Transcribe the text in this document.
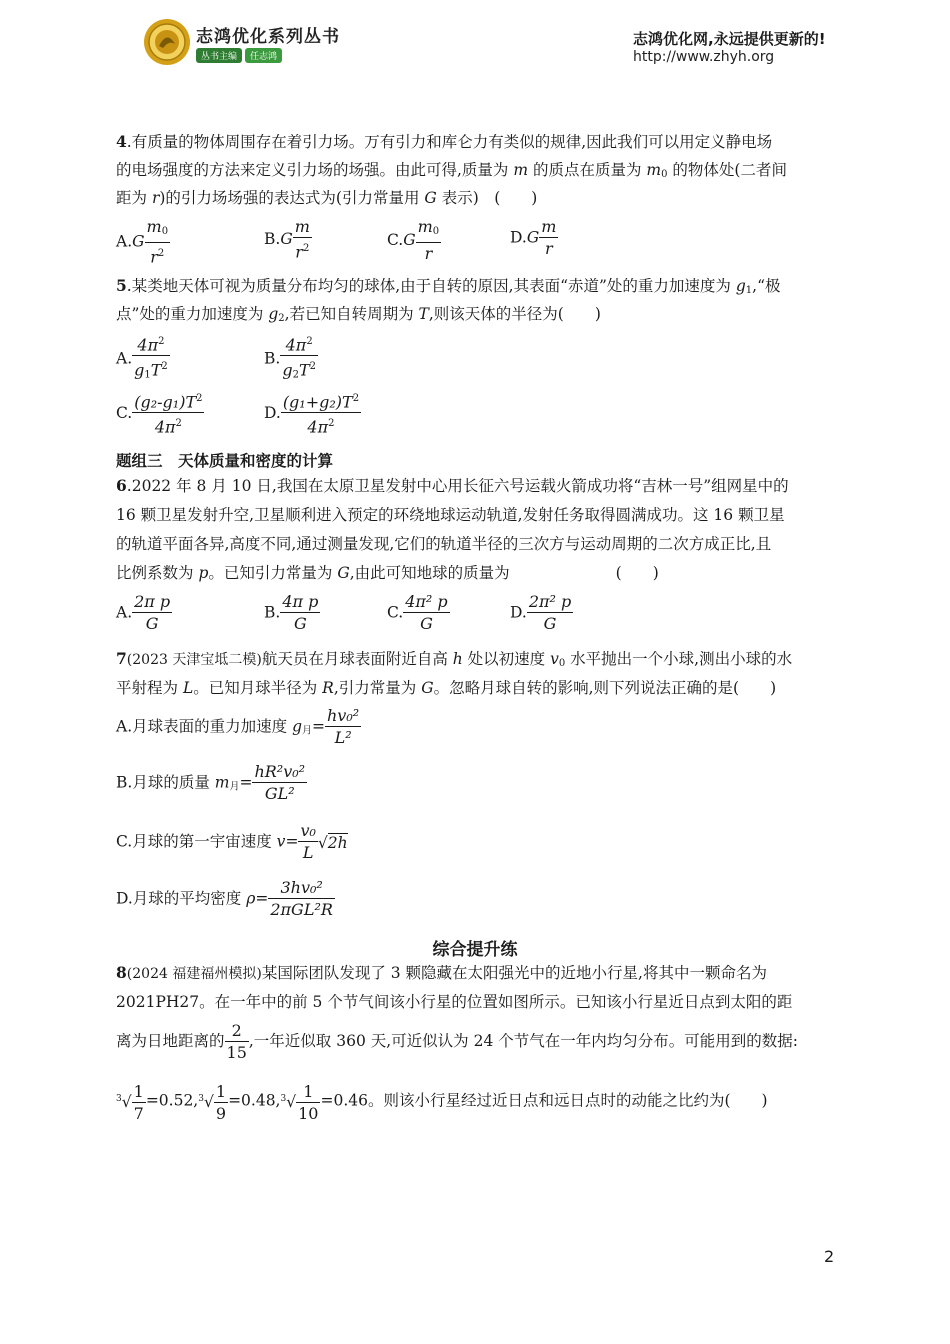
志鸿优化系列丛书
丛书主编	任志鸿
志鸿优化网,永远提供更新的!
http://www.zhyh.org
4.有质量的物体周围存在着引力场。万有引力和库仑力有类似的规律,因此我们可以用定义静电场
的电场强度的方法来定义引力场的场强。由此可得,质量为 m 的质点在质量为 $m_0$ 的物体处(二者间
距为 r)的引力场场强的表达式为(引力常量用 G 表示)　(　　)
$A.G \frac{m_0}{r^2}$	$B.G \frac{m}{r^2}$	$C.G \frac{m_0}{r}$	$D.G \frac{m}{r}$
5.某类地天体可视为质量分布均匀的球体,由于自转的原因,其表面“赤道”处的重力加速度为 $g_1,“$极
点”处的重力加速度为 $g_2$,若已知自转周期为 T,则该天体的半径为(　　)
A. $\frac{4\pi^2}{g_1T^2}$	B. $\frac{4\pi^2}{g_2T^2}$
C. $\frac{(g_2-g_1)T^2}{4\pi^2}$	D. $\frac{(g_1+g_2)T^2}{4\pi^2}$
题组三　天体质量和密度的计算
6.2022 年 8 月 10 日,我国在太原卫星发射中心用长征六号运载火箭成功将“吉林一号”组网星中的
16 颗卫星发射升空,卫星顺利进入预定的环绕地球运动轨道,发射任务取得圆满成功。这 16 颗卫星
的轨道平面各异,高度不同,通过测量发现,它们的轨道半径的三次方与运动周期的二次方成正比,且
比例系数为 p。已知引力常量为 G,由此可知地球的质量为	(　　)
A. $\frac{\text{2π p}}{G}$	B. $\frac{\text{4π p}}{G}$	C. $\frac{\text{4π² p}}{G}$	D. $\frac{\text{2π² p}}{G}$
7(2023 天津宝坻二模)航天员在月球表面附近自高 h 处以初速度 $v_0$ 水平抛出一个小球,测出小球的水
平射程为 L。已知月球半径为 R,引力常量为 G。忽略月球自转的影响,则下列说法正确的是(　　)
A.月球表面的重力加速度 $g_月= \frac{\text{hv₀²}}{\text{L²}}$
B.月球的质量 $m_月= \frac{\text{hR²v₀²}}{\text{GL²}}$
C.月球的第一宇宙速度 $v= \frac{\text{v₀}}{L} √2h$
D.月球的平均密度 $\rho= \frac{\text{3hv₀²}}{\text{2πGL²R}}$
综合提升练
8(2024 福建福州模拟)某国际团队发现了 3 颗隐藏在太阳强光中的近地小行星,将其中一颗命名为
2021PH27。在一年中的前 5 个节气间该小行星的位置如图所示。已知该小行星近日点到太阳的距
离为日地距离的 $\frac{2}{15}$ ,一年近似取 360 天,可近似认为 24 个节气在一年内均匀分布。可能用到的数据:
$^3√ \frac{1}{7} =0.52,^3√ \frac{1}{9} =0.48,^3√ \frac{1}{10} =0.46$。则该小行星经过近日点和远日点时的动能之比约为(　　)
2
